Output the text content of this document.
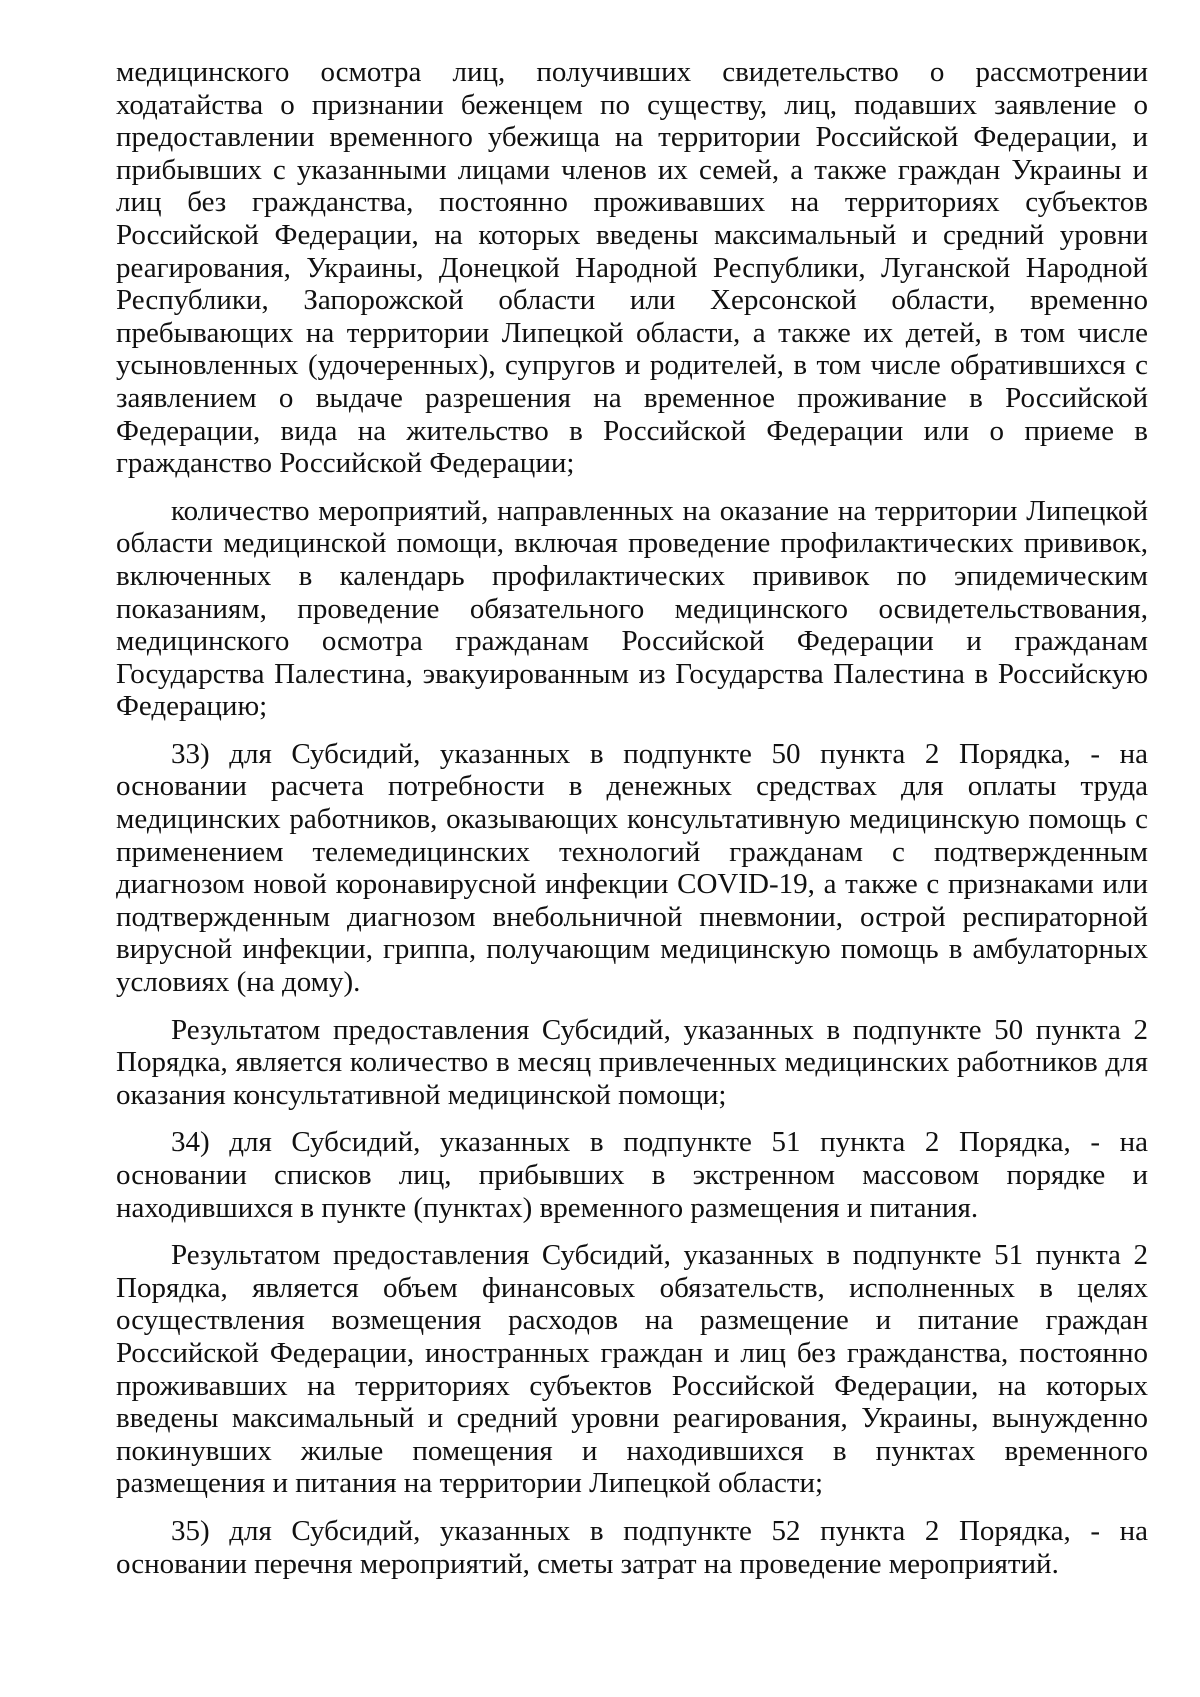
медицинского осмотра лиц, получивших свидетельство о рассмотрении ходатайства о признании беженцем по существу, лиц, подавших заявление о предоставлении временного убежища на территории Российской Федерации, и прибывших с указанными лицами членов их семей, а также граждан Украины и лиц без гражданства, постоянно проживавших на территориях субъектов Российской Федерации, на которых введены максимальный и средний уровни реагирования, Украины, Донецкой Народной Республики, Луганской Народной Республики, Запорожской области или Херсонской области, временно пребывающих на территории Липецкой области, а также их детей, в том числе усыновленных (удочеренных), супругов и родителей, в том числе обратившихся с заявлением о выдаче разрешения на временное проживание в Российской Федерации, вида на жительство в Российской Федерации или о приеме в гражданство Российской Федерации;

количество мероприятий, направленных на оказание на территории Липецкой области медицинской помощи, включая проведение профилактических прививок, включенных в календарь профилактических прививок по эпидемическим показаниям, проведение обязательного медицинского освидетельствования, медицинского осмотра гражданам Российской Федерации и гражданам Государства Палестина, эвакуированным из Государства Палестина в Российскую Федерацию;

33) для Субсидий, указанных в подпункте 50 пункта 2 Порядка, - на основании расчета потребности в денежных средствах для оплаты труда медицинских работников, оказывающих консультативную медицинскую помощь с применением телемедицинских технологий гражданам с подтвержденным диагнозом новой коронавирусной инфекции COVID-19, а также с признаками или подтвержденным диагнозом внебольничной пневмонии, острой респираторной вирусной инфекции, гриппа, получающим медицинскую помощь в амбулаторных условиях (на дому).

Результатом предоставления Субсидий, указанных в подпункте 50 пункта 2 Порядка, является количество в месяц привлеченных медицинских работников для оказания консультативной медицинской помощи;

34) для Субсидий, указанных в подпункте 51 пункта 2 Порядка, - на основании списков лиц, прибывших в экстренном массовом порядке и находившихся в пункте (пунктах) временного размещения и питания.

Результатом предоставления Субсидий, указанных в подпункте 51 пункта 2 Порядка, является объем финансовых обязательств, исполненных в целях осуществления возмещения расходов на размещение и питание граждан Российской Федерации, иностранных граждан и лиц без гражданства, постоянно проживавших на территориях субъектов Российской Федерации, на которых введены максимальный и средний уровни реагирования, Украины, вынужденно покинувших жилые помещения и находившихся в пунктах временного размещения и питания на территории Липецкой области;

35) для Субсидий, указанных в подпункте 52 пункта 2 Порядка, - на основании перечня мероприятий, сметы затрат на проведение мероприятий.
